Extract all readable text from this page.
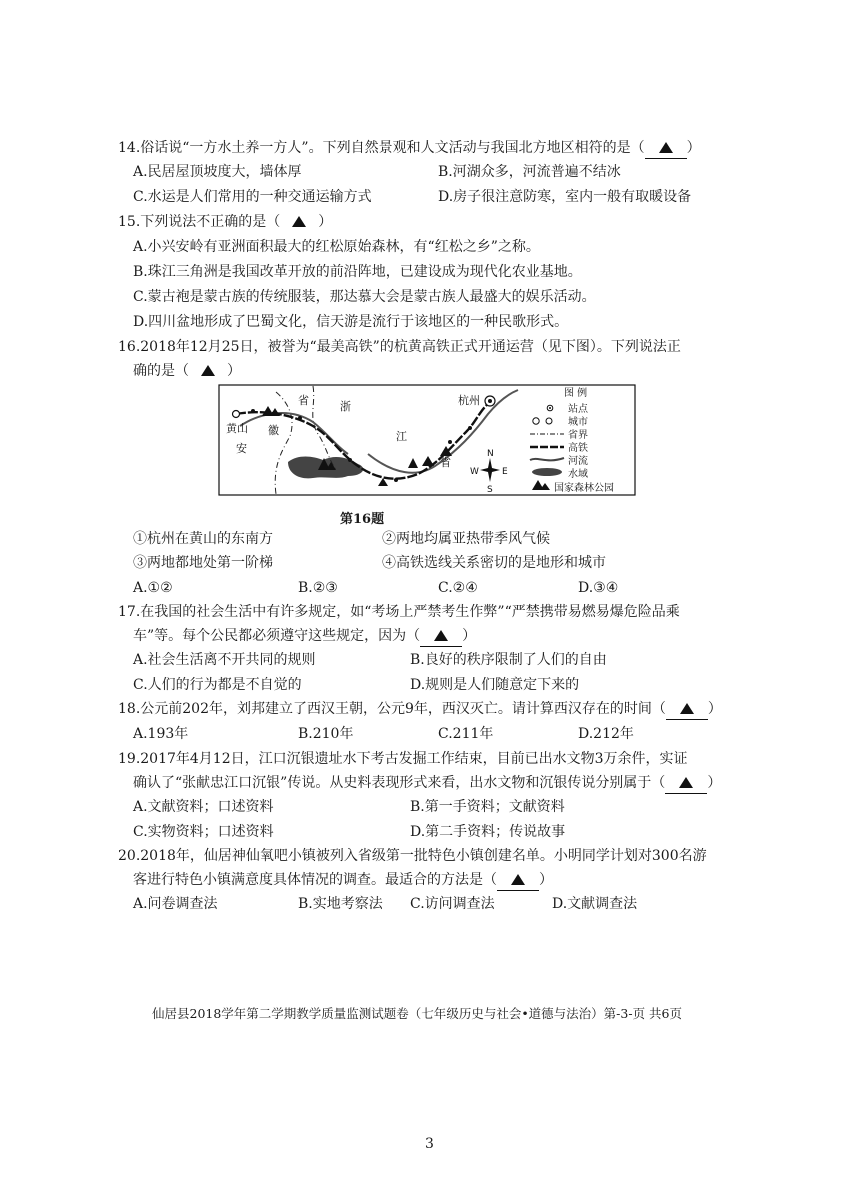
14.俗话说“一方水土养一方人”。下列自然景观和人文活动与我国北方地区相符的是（	）
A.民居屋顶坡度大，墙体厚	B.河湖众多，河流普遍不结冰
C.水运是人们常用的一种交通运输方式	D.房子很注意防寒，室内一般有取暖设备
15.下列说法不正确的是（	）
A.小兴安岭有亚洲面积最大的红松原始森林，有“红松之乡”之称。
B.珠江三角洲是我国改革开放的前沿阵地，已建设成为现代化农业基地。
C.蒙古袍是蒙古族的传统服装，那达慕大会是蒙古族人最盛大的娱乐活动。
D.四川盆地形成了巴蜀文化，信天游是流行于该地区的一种民歌形式。
16.2018年12月25日，被誉为“最美高铁”的杭黄高铁正式开通运营（见下图）。下列说法正
确的是（	）
黄山
省
徽
安
浙
江
省
杭州
N
S
W	E
图 例
站点
城市
省界
高铁
河流
水域
国家森林公园
第16题
①杭州在黄山的东南方	②两地均属亚热带季风气候
③两地都地处第一阶梯	④高铁选线关系密切的是地形和城市
A.①②	B.②③	C.②④	D.③④
17.在我国的社会生活中有许多规定，如“考场上严禁考生作弊”“严禁携带易燃易爆危险品乘
车”等。每个公民都必须遵守这些规定，因为（	）
A.社会生活离不开共同的规则	B.良好的秩序限制了人们的自由
C.人们的行为都是不自觉的	D.规则是人们随意定下来的
18.公元前202年，刘邦建立了西汉王朝，公元9年，西汉灭亡。请计算西汉存在的时间（	）
A.193年	B.210年	C.211年	D.212年
19.2017年4月12日，江口沉银遗址水下考古发掘工作结束，目前已出水文物3万余件，实证
确认了“张献忠江口沉银”传说。从史料表现形式来看，出水文物和沉银传说分别属于（	）
A.文献资料；口述资料	B.第一手资料；文献资料
C.实物资料；口述资料	D.第二手资料；传说故事
20.2018年，仙居神仙氧吧小镇被列入省级第一批特色小镇创建名单。小明同学计划对300名游
客进行特色小镇满意度具体情况的调查。最适合的方法是（	）
A.问卷调查法	B.实地考察法 C.访问调查法	D.文献调查法
仙居县2018学年第二学期教学质量监测试题卷（七年级历史与社会•道德与法治）第-3-页 共6页
3
